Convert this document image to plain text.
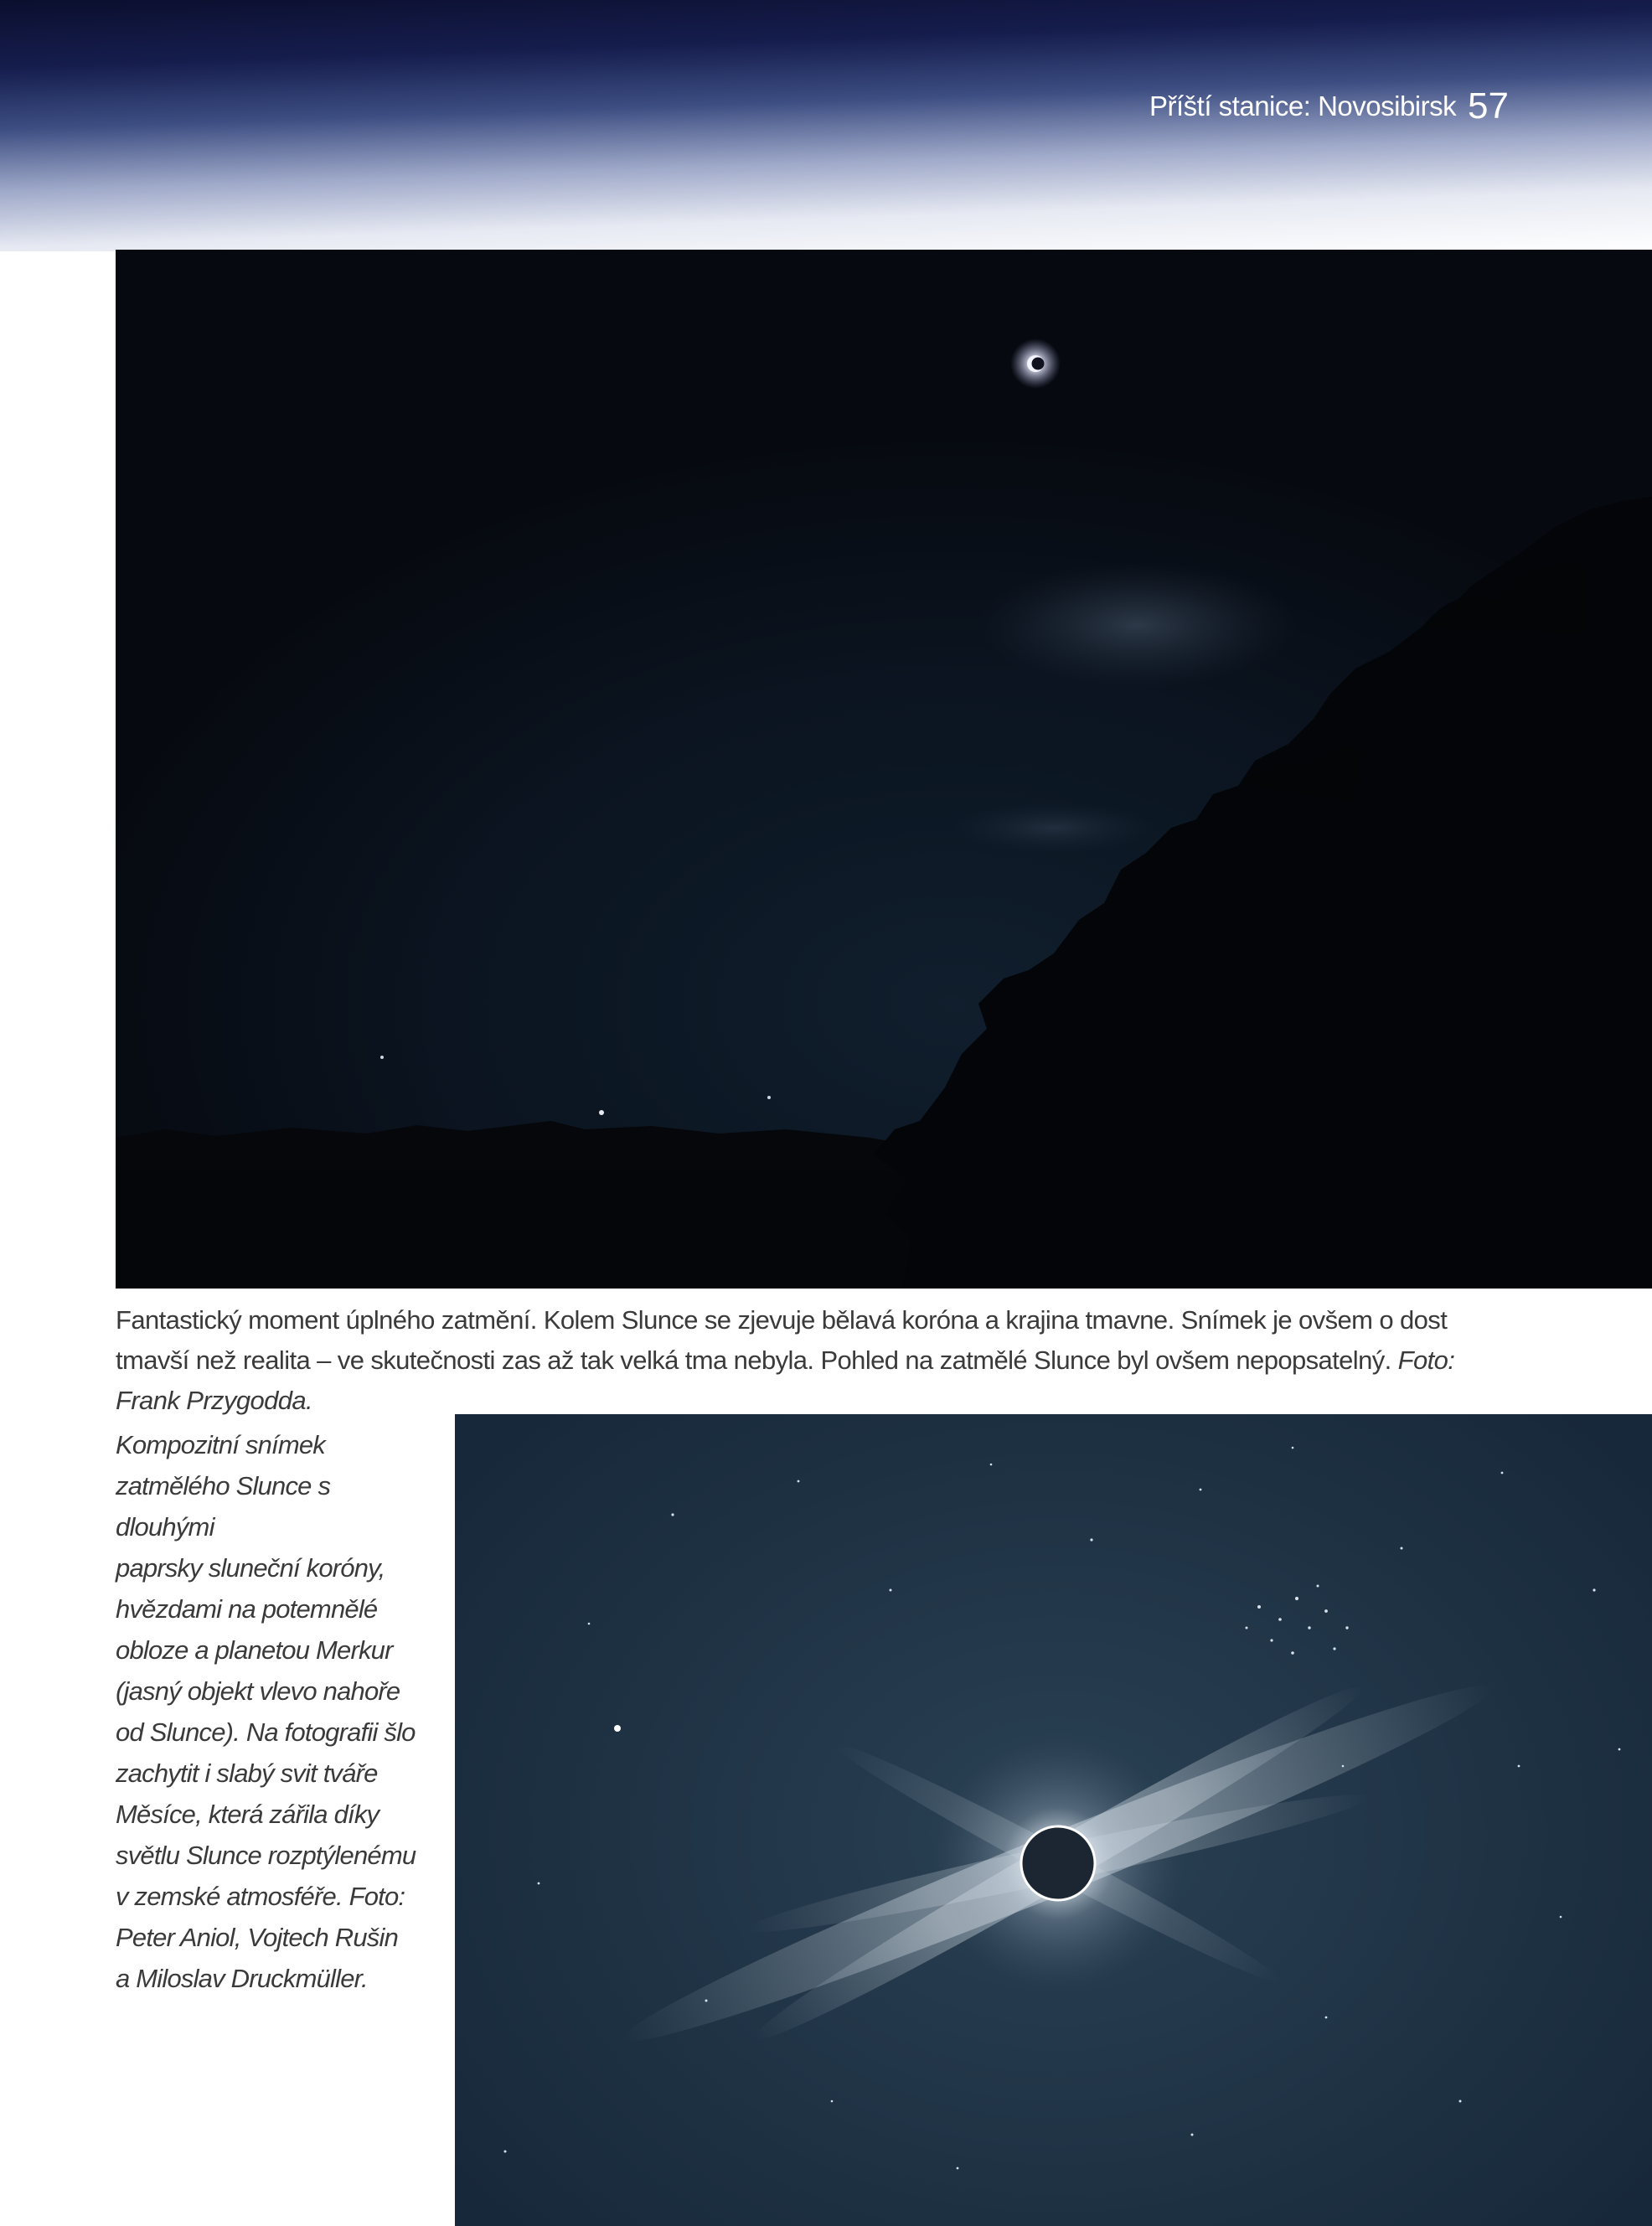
Příští stanice: Novosibirsk 57
Fantastický moment úplného zatmění. Kolem Slunce se zjevuje bělavá koróna a krajina tmavne. Snímek je ovšem o dost tmavší než realita – ve skutečnosti zas až tak velká tma nebyla. Pohled na zatmělé Slunce byl ovšem nepopsatelný. Foto: Frank Przygodda.
Kompozitní snímek
zatmělého Slunce s dlouhými
paprsky sluneční koróny,
hvězdami na potemnělé
obloze a planetou Merkur
(jasný objekt vlevo nahoře
od Slunce). Na fotografii šlo
zachytit i slabý svit tváře
Měsíce, která zářila díky
světlu Slunce rozptýlenému
v zemské atmosféře. Foto:
Peter Aniol, Vojtech Rušin
a Miloslav Druckmüller.
